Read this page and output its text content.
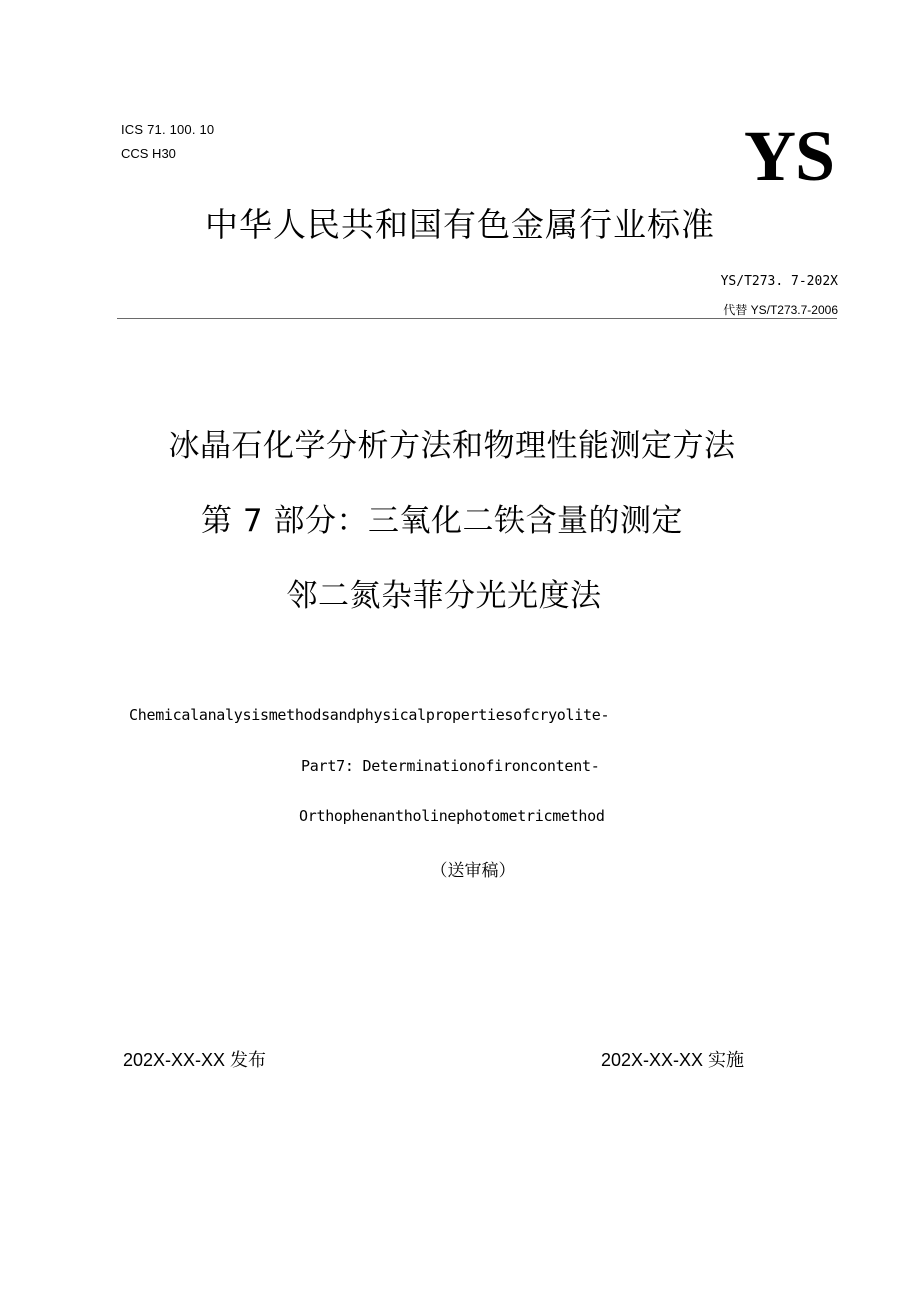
ICS 71. 100. 10
CCS H30	YS
中华人民共和国有色金属行业标准
YS/T273. 7-202X
代替 YS/T273.7-2006
冰晶石化学分析方法和物理性能测定方法
第 7 部分：三氧化二铁含量的测定
邻二氮杂菲分光光度法
Chemicalanalysismethodsandphysicalpropertiesofcryolite-
Part7: Determinationofironcontent-
Orthophenantholinephotometricmethod
（送审稿）
202X-XX-XX 发布	202X-XX-XX 实施
